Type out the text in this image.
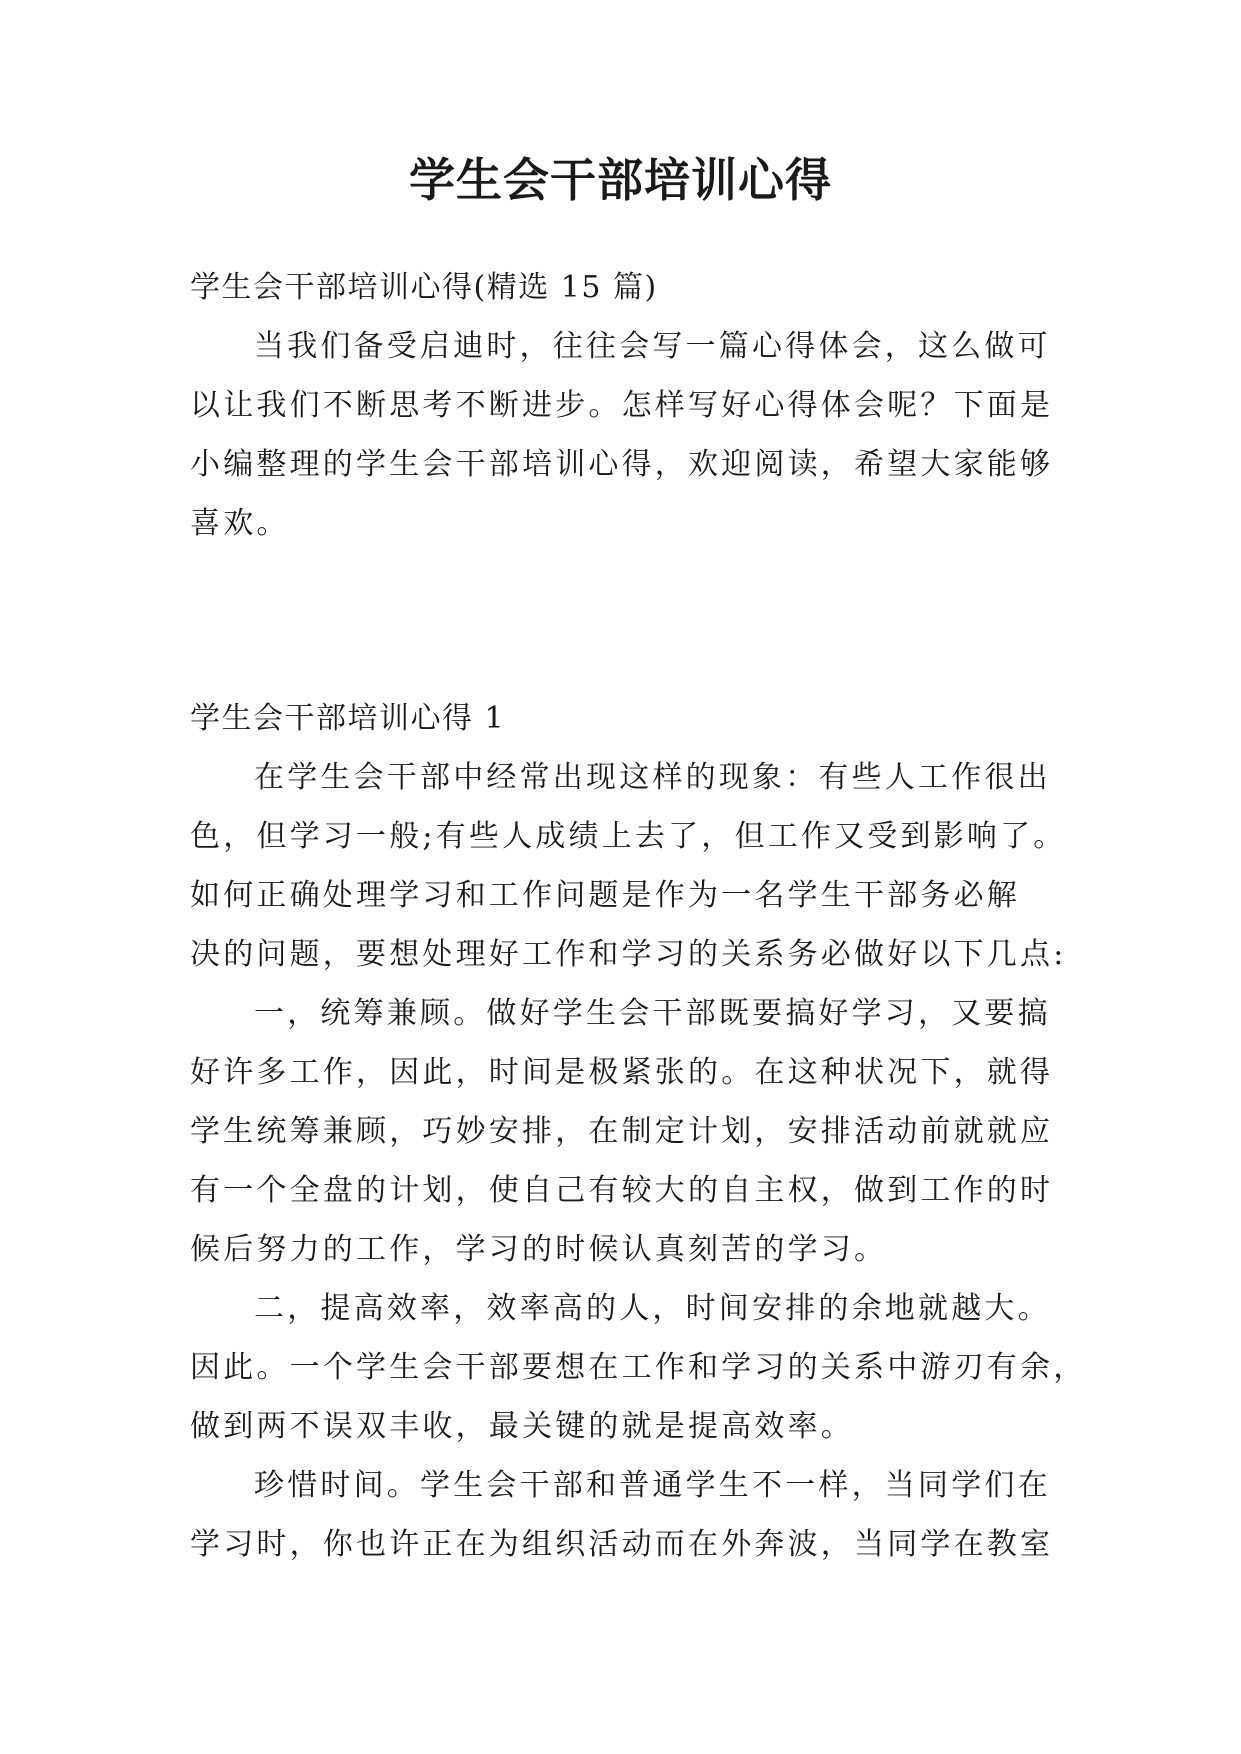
学生会干部培训心得

学生会干部培训心得(精选 15 篇)

当我们备受启迪时，往往会写一篇心得体会，这么做可

以让我们不断思考不断进步。怎样写好心得体会呢？下面是

小编整理的学生会干部培训心得，欢迎阅读，希望大家能够

喜欢。

学生会干部培训心得 1

在学生会干部中经常出现这样的现象：有些人工作很出

色，但学习一般;有些人成绩上去了，但工作又受到影响了。

如何正确处理学习和工作问题是作为一名学生干部务必解

决的问题，要想处理好工作和学习的关系务必做好以下几点:

一，统筹兼顾。做好学生会干部既要搞好学习，又要搞

好许多工作，因此，时间是极紧张的。在这种状况下，就得

学生统筹兼顾，巧妙安排，在制定计划，安排活动前就就应

有一个全盘的计划，使自己有较大的自主权，做到工作的时

候后努力的工作，学习的时候认真刻苦的学习。

二，提高效率，效率高的人，时间安排的余地就越大。

因此。一个学生会干部要想在工作和学习的关系中游刃有余，

做到两不误双丰收，最关键的就是提高效率。

珍惜时间。学生会干部和普通学生不一样，当同学们在

学习时，你也许正在为组织活动而在外奔波，当同学在教室
